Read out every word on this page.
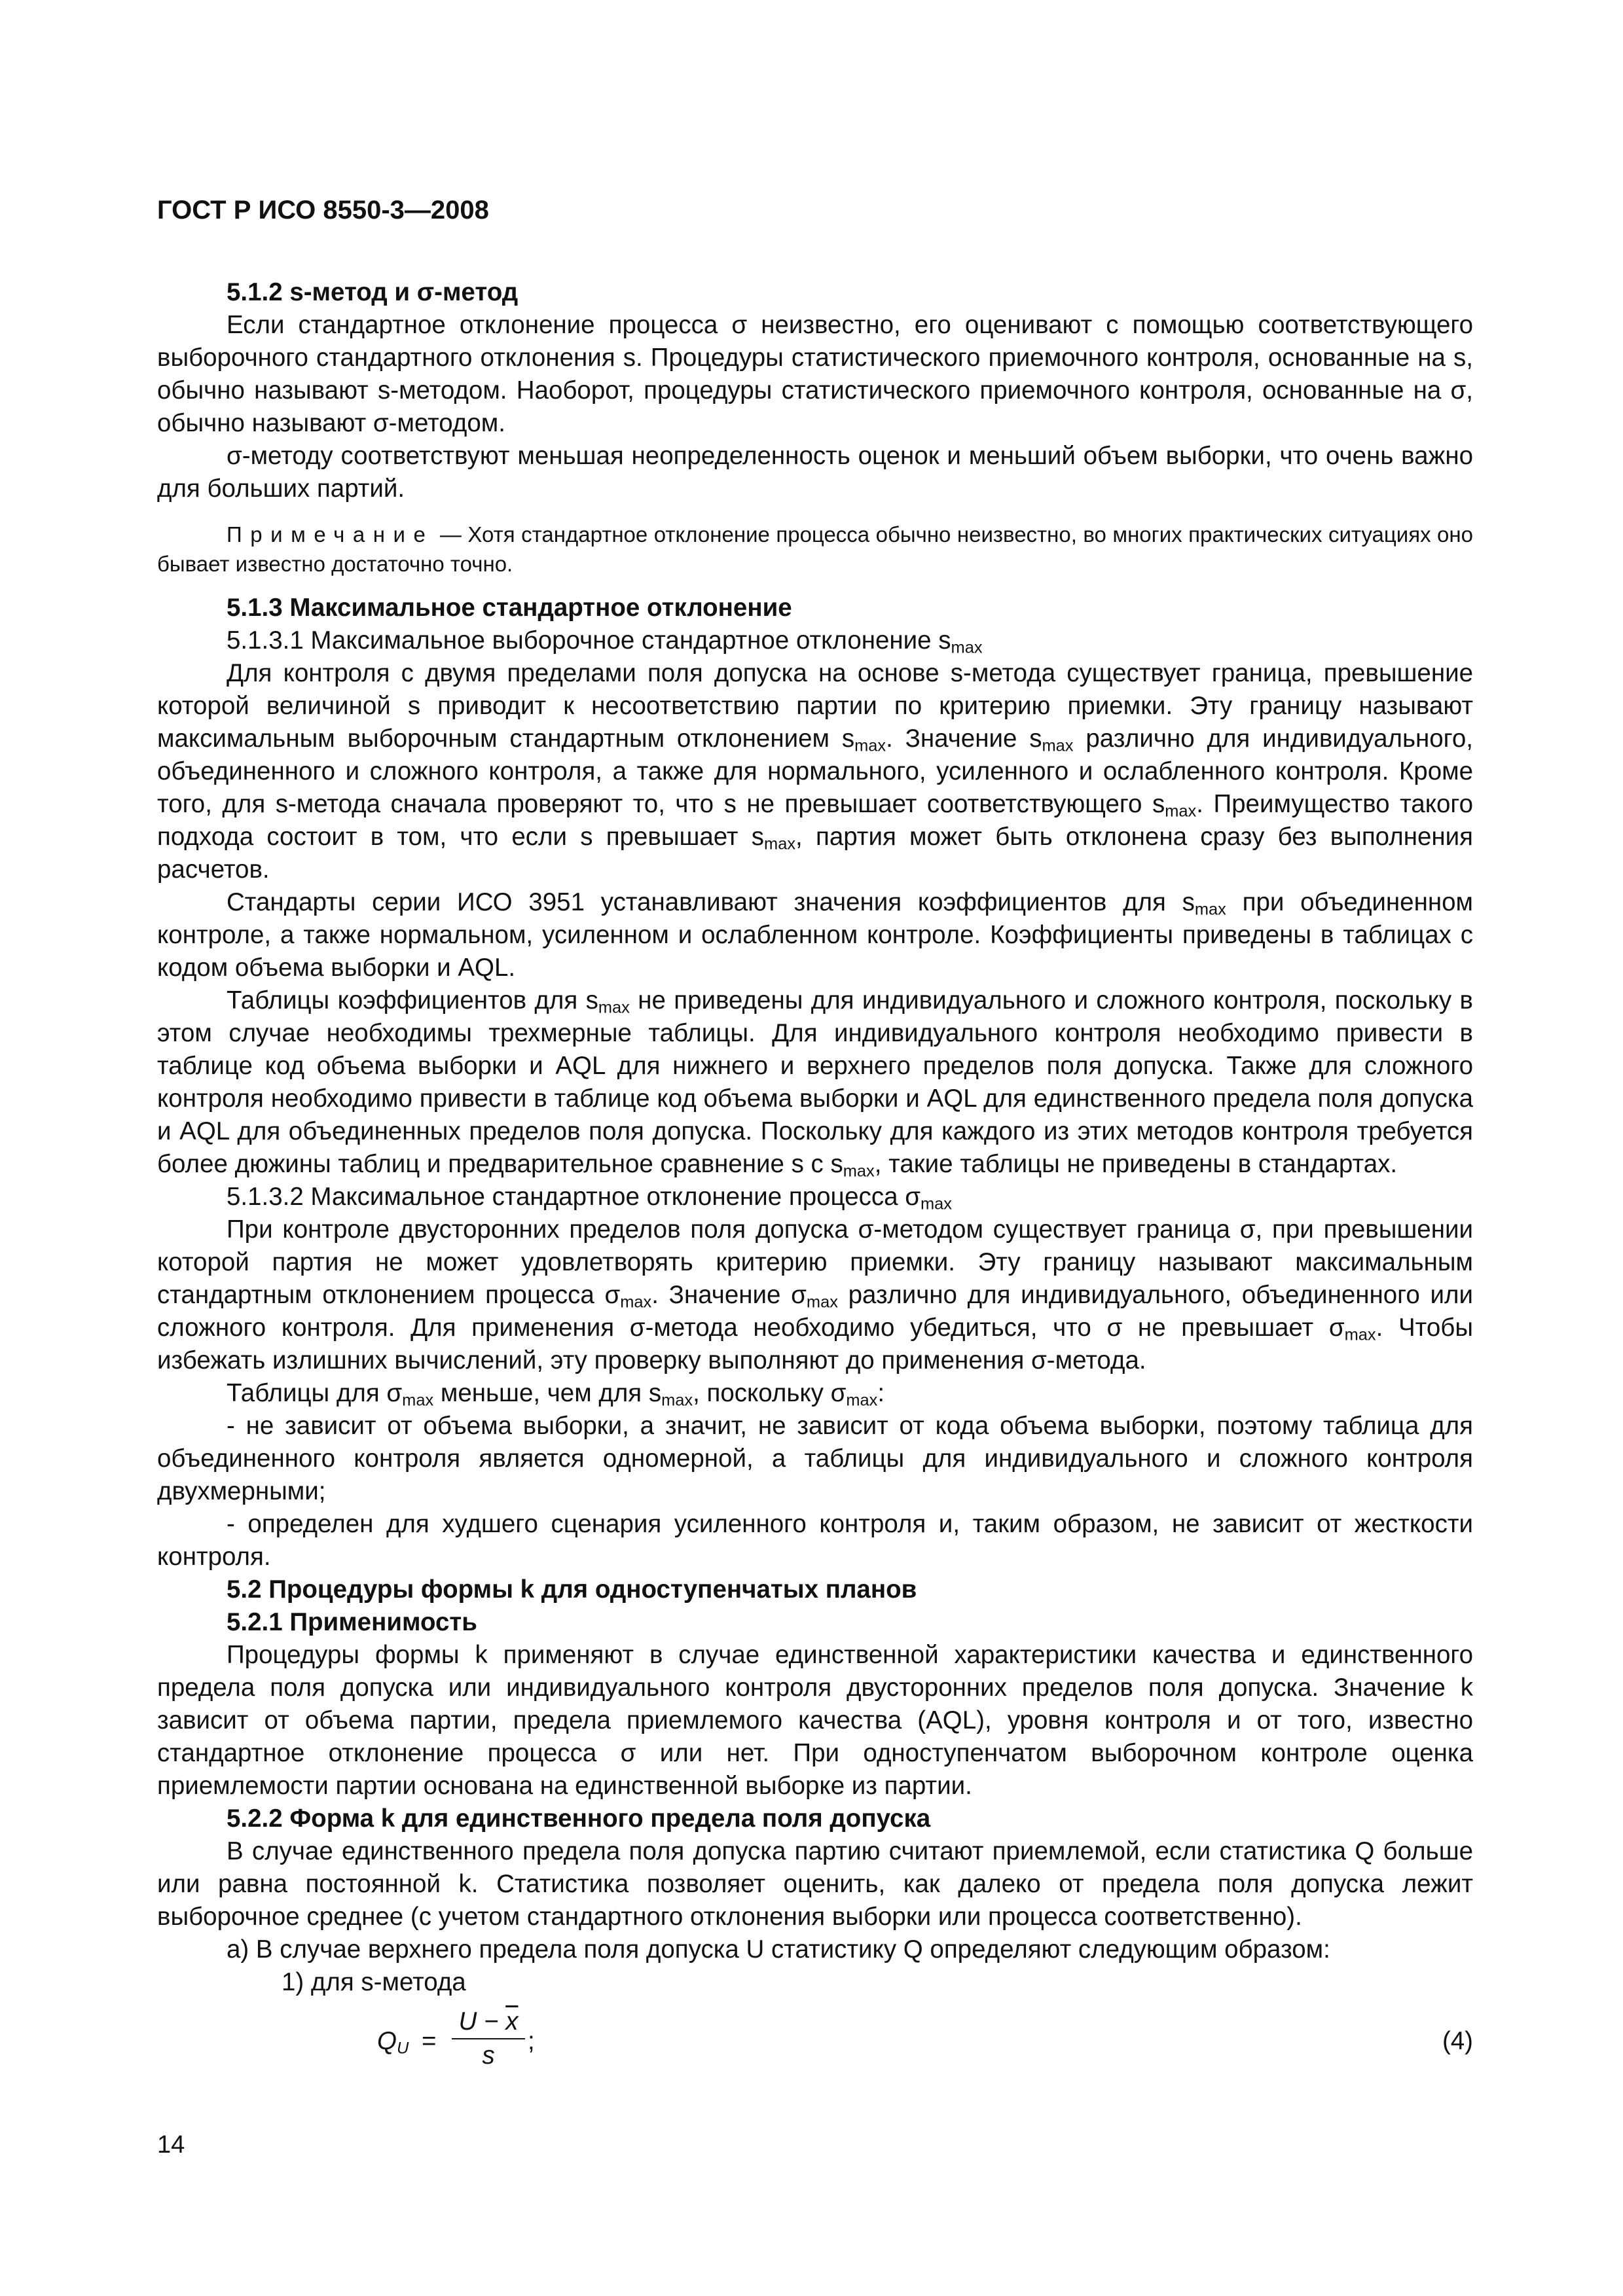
ГОСТ Р ИСО 8550-3—2008

5.1.2 s-метод и σ-метод

Если стандартное отклонение процесса σ неизвестно, его оценивают с помощью соответствующего выборочного стандартного отклонения s. Процедуры статистического приемочного контроля, основанные на s, обычно называют s-методом. Наоборот, процедуры статистического приемочного контроля, основанные на σ, обычно называют σ-методом.

σ-методу соответствуют меньшая неопределенность оценок и меньший объем выборки, что очень важно для больших партий.

Примечание — Хотя стандартное отклонение процесса обычно неизвестно, во многих практических ситуациях оно бывает известно достаточно точно.

5.1.3 Максимальное стандартное отклонение

5.1.3.1 Максимальное выборочное стандартное отклонение $s_{max}$

Для контроля с двумя пределами поля допуска на основе s-метода существует граница, превышение которой величиной s приводит к несоответствию партии по критерию приемки. Эту границу называют максимальным выборочным стандартным отклонением $s_{max}$. Значение $s_{max}$ различно для индивидуального, объединенного и сложного контроля, а также для нормального, усиленного и ослабленного контроля. Кроме того, для s-метода сначала проверяют то, что s не превышает соответствующего $s_{max}$. Преимущество такого подхода состоит в том, что если s превышает $s_{max}$, партия может быть отклонена сразу без выполнения расчетов.

Стандарты серии ИСО 3951 устанавливают значения коэффициентов для $s_{max}$ при объединенном контроле, а также нормальном, усиленном и ослабленном контроле. Коэффициенты приведены в таблицах с кодом объема выборки и AQL.

Таблицы коэффициентов для $s_{max}$ не приведены для индивидуального и сложного контроля, поскольку в этом случае необходимы трехмерные таблицы. Для индивидуального контроля необходимо привести в таблице код объема выборки и AQL для нижнего и верхнего пределов поля допуска. Также для сложного контроля необходимо привести в таблице код объема выборки и AQL для единственного предела поля допуска и AQL для объединенных пределов поля допуска. Поскольку для каждого из этих методов контроля требуется более дюжины таблиц и предварительное сравнение s с $s_{max}$, такие таблицы не приведены в стандартах.

5.1.3.2 Максимальное стандартное отклонение процесса $\sigma_{max}$

При контроле двусторонних пределов поля допуска σ-методом существует граница σ, при превышении которой партия не может удовлетворять критерию приемки. Эту границу называют максимальным стандартным отклонением процесса $\sigma_{max}$. Значение $\sigma_{max}$ различно для индивидуального, объединенного или сложного контроля. Для применения σ-метода необходимо убедиться, что σ не превышает $\sigma_{max}$. Чтобы избежать излишних вычислений, эту проверку выполняют до применения σ-метода.

Таблицы для $\sigma_{max}$ меньше, чем для $s_{max}$, поскольку $\sigma_{max}$:

- не зависит от объема выборки, а значит, не зависит от кода объема выборки, поэтому таблица для объединенного контроля является одномерной, а таблицы для индивидуального и сложного контроля двухмерными;

- определен для худшего сценария усиленного контроля и, таким образом, не зависит от жесткости контроля.

5.2 Процедуры формы k для одноступенчатых планов

5.2.1 Применимость

Процедуры формы k применяют в случае единственной характеристики качества и единственного предела поля допуска или индивидуального контроля двусторонних пределов поля допуска. Значение k зависит от объема партии, предела приемлемого качества (AQL), уровня контроля и от того, известно стандартное отклонение процесса σ или нет. При одноступенчатом выборочном контроле оценка приемлемости партии основана на единственной выборке из партии.

5.2.2 Форма k для единственного предела поля допуска

В случае единственного предела поля допуска партию считают приемлемой, если статистика Q больше или равна постоянной k. Статистика позволяет оценить, как далеко от предела поля допуска лежит выборочное среднее (с учетом стандартного отклонения выборки или процесса соответственно).

а) В случае верхнего предела поля допуска U статистику Q определяют следующим образом:

1) для s-метода

$Q_U = \frac{U - \overline{x}}{s}$ ;	(4)
14
